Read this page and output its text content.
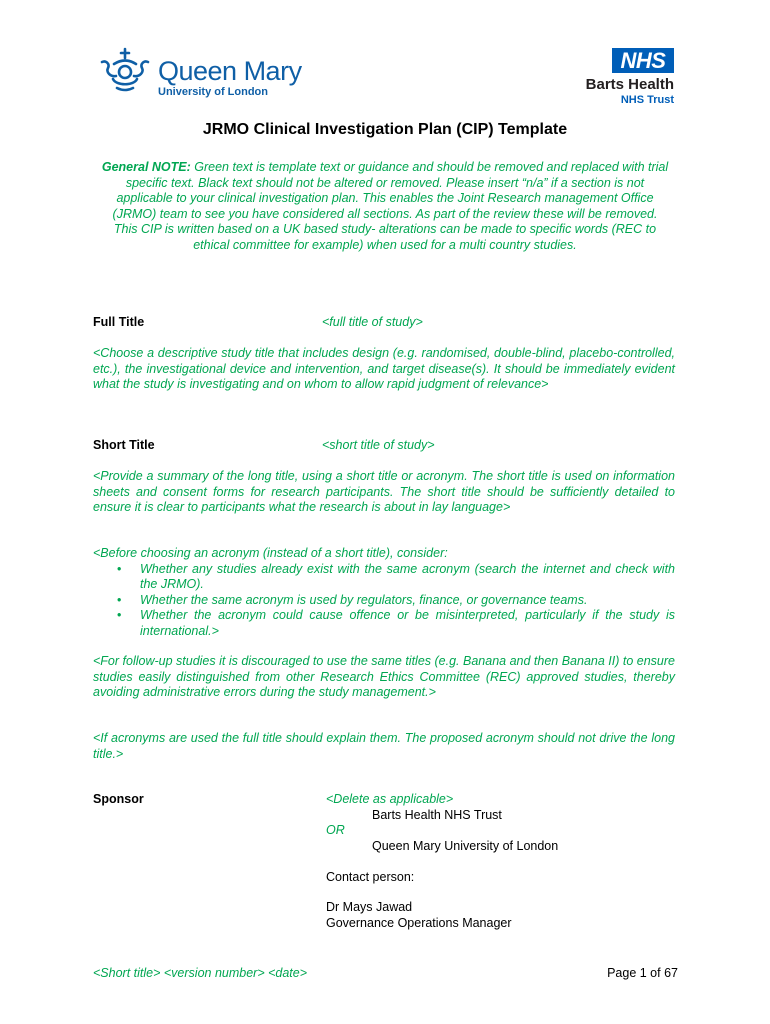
Queen Mary
University of London
NHS
Barts Health
NHS Trust
JRMO Clinical Investigation Plan (CIP) Template
General NOTE: Green text is template text or guidance and should be removed and replaced with trial specific text. Black text should not be altered or removed. Please insert “n/a” if a section is not applicable to your clinical investigation plan. This enables the Joint Research management Office (JRMO) team to see you have considered all sections. As part of the review these will be removed.
This CIP is written based on a UK based study- alterations can be made to specific words (REC to ethical committee for example) when used for a multi country studies.
Full Title	<full title of study>
<Choose a descriptive study title that includes design (e.g. randomised, double-blind, placebo-controlled, etc.), the investigational device and intervention, and target disease(s). It should be immediately evident what the study is investigating and on whom to allow rapid judgment of relevance>
Short Title	<short title of study>
<Provide a summary of the long title, using a short title or acronym. The short title is used on information sheets and consent forms for research participants. The short title should be sufficiently detailed to ensure it is clear to participants what the research is about in lay language>
<Before choosing an acronym (instead of a short title), consider:
• Whether any studies already exist with the same acronym (search the internet and check with the JRMO).
• Whether the same acronym is used by regulators, finance, or governance teams.
• Whether the acronym could cause offence or be misinterpreted, particularly if the study is international.>
<For follow-up studies it is discouraged to use the same titles (e.g. Banana and then Banana II) to ensure studies easily distinguished from other Research Ethics Committee (REC) approved studies, thereby avoiding administrative errors during the study management.>
<If acronyms are used the full title should explain them. The proposed acronym should not drive the long title.>
Sponsor	<Delete as applicable>
Barts Health NHS Trust
OR
Queen Mary University of London
Contact person:
Dr Mays Jawad
Governance Operations Manager
<Short title> <version number> <date>	Page 1 of 67
